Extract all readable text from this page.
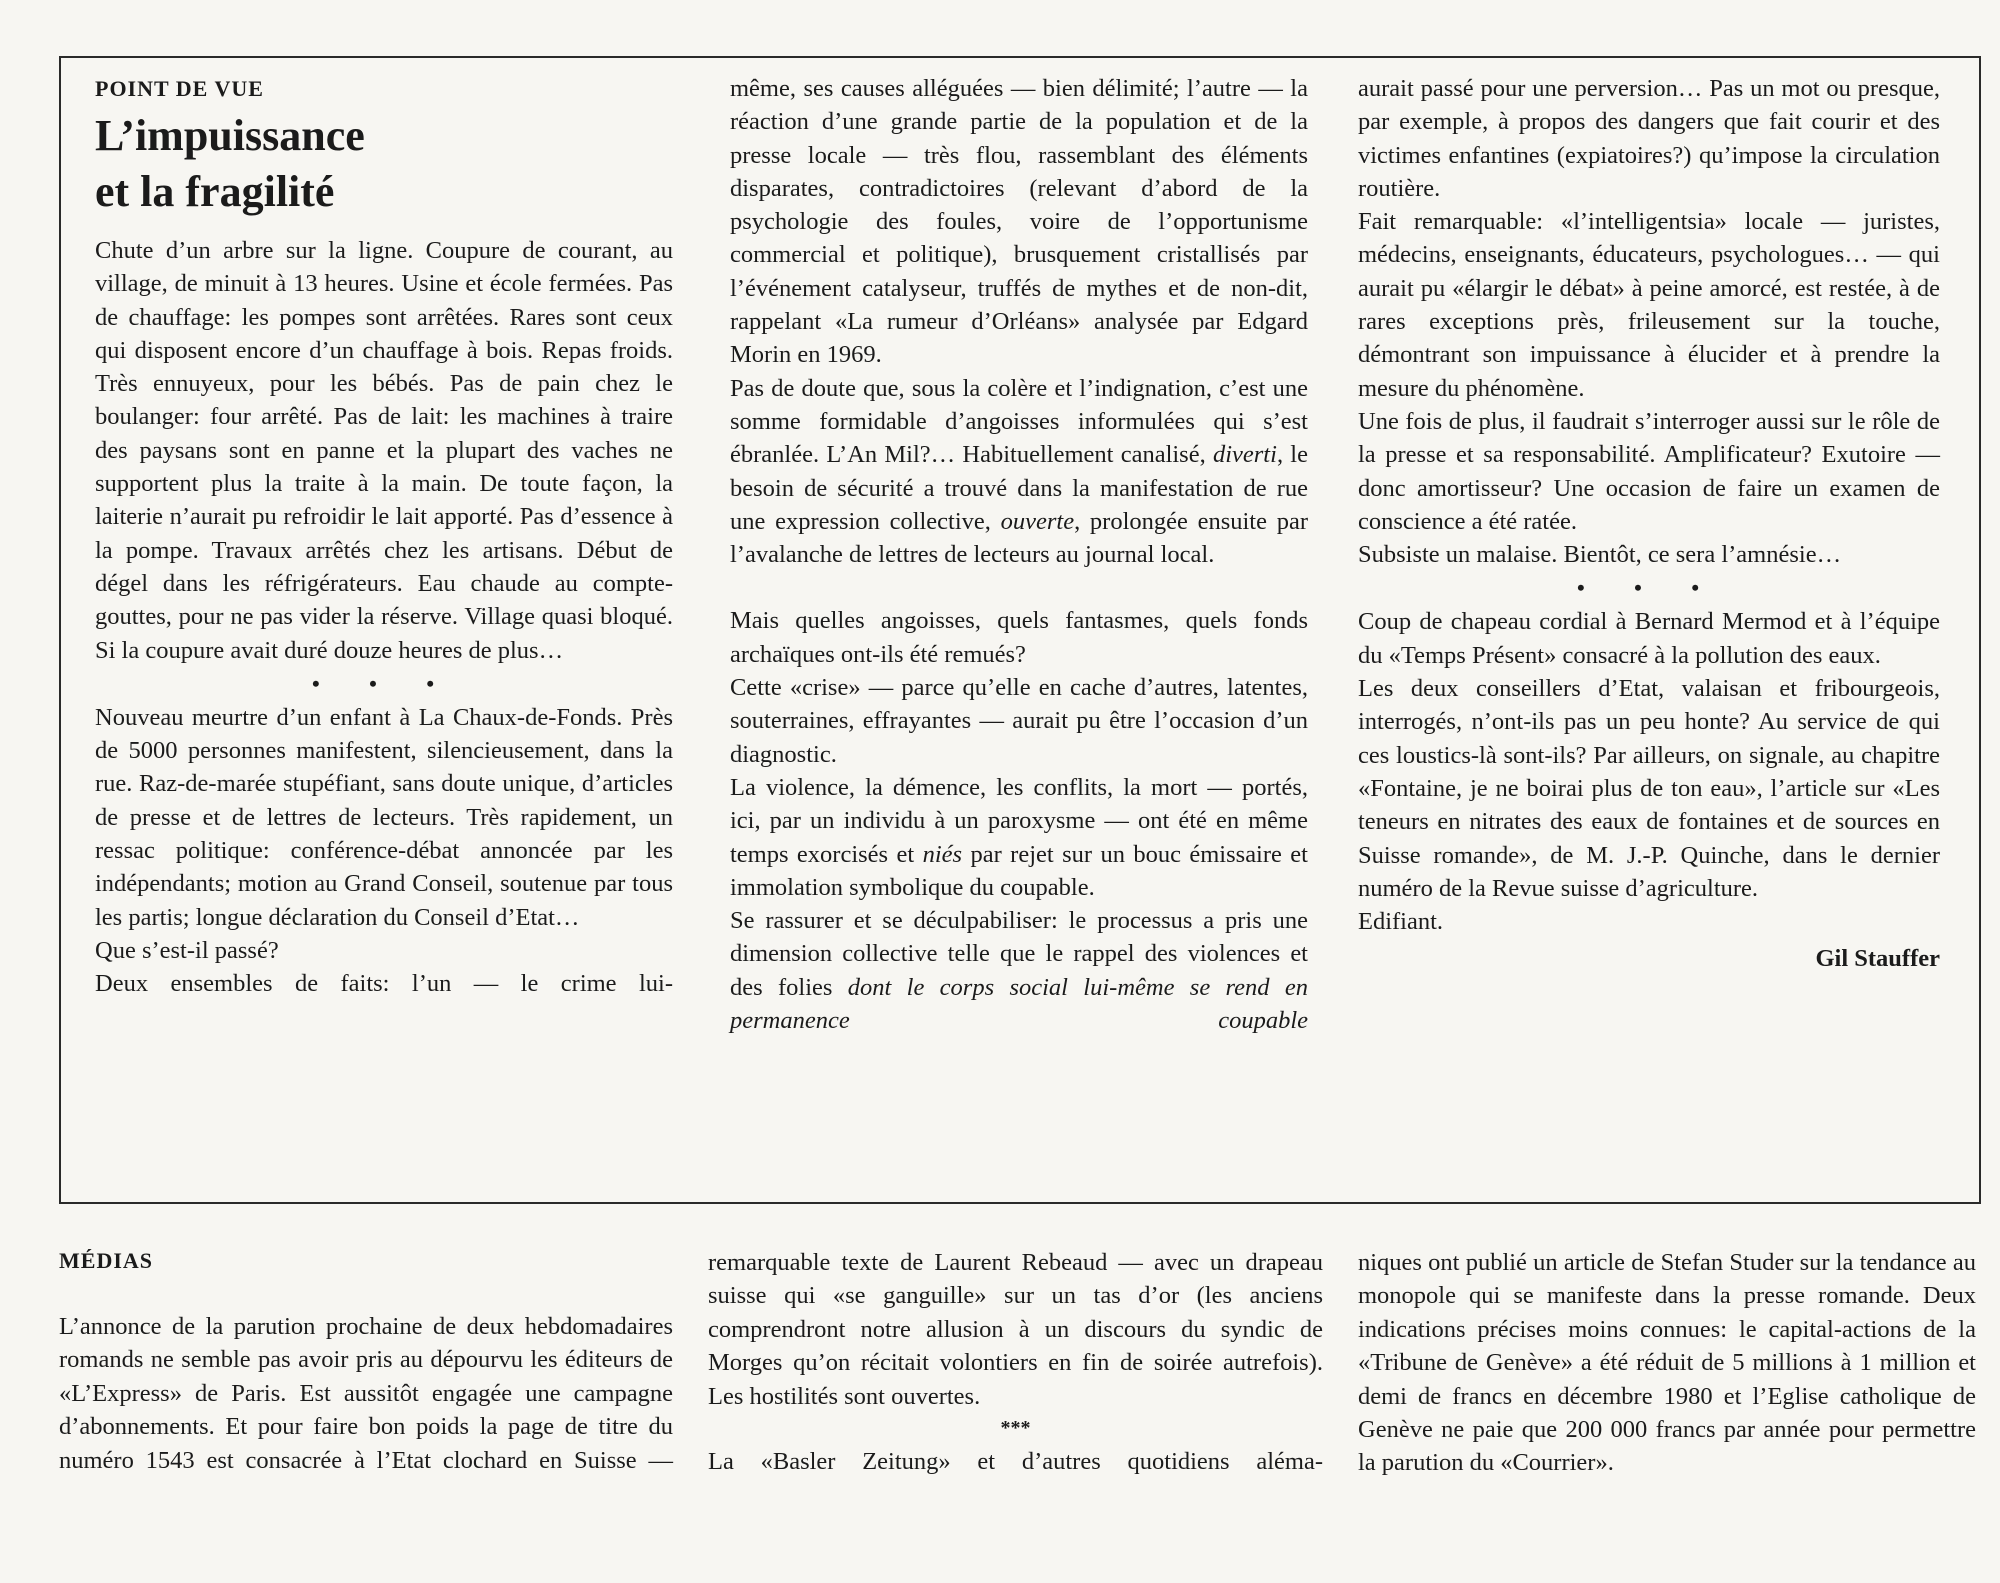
POINT DE VUE
L’impuissance
et la fragilité

Chute d’un arbre sur la ligne. Coupure de courant, au village, de minuit à 13 heures. Usine et école fermées. Pas de chauffage: les pompes sont arrêtées. Rares sont ceux qui disposent encore d’un chauffage à bois. Repas froids. Très ennuyeux, pour les bébés. Pas de pain chez le boulanger: four arrêté. Pas de lait: les machines à traire des paysans sont en panne et la plupart des vaches ne supportent plus la traite à la main. De toute façon, la laiterie n’aurait pu refroidir le lait apporté. Pas d’essence à la pompe. Travaux arrêtés chez les artisans. Début de dégel dans les réfrigérateurs. Eau chaude au compte-gouttes, pour ne pas vider la réserve. Village quasi bloqué. Si la coupure avait duré douze heures de plus…

• • •

Nouveau meurtre d’un enfant à La Chaux-de-Fonds. Près de 5000 personnes manifestent, silencieusement, dans la rue. Raz-de-marée stupéfiant, sans doute unique, d’articles de presse et de lettres de lecteurs. Très rapidement, un ressac politique: conférence-débat annoncée par les indépendants; motion au Grand Conseil, soutenue par tous les partis; longue déclaration du Conseil d’Etat…

Que s’est-il passé?

Deux ensembles de faits: l’un — le crime lui-

même, ses causes alléguées — bien délimité; l’autre — la réaction d’une grande partie de la population et de la presse locale — très flou, rassemblant des éléments disparates, contradictoires (relevant d’abord de la psychologie des foules, voire de l’opportunisme commercial et politique), brusquement cristallisés par l’événement catalyseur, truffés de mythes et de non-dit, rappelant «La rumeur d’Orléans» analysée par Edgard Morin en 1969.

Pas de doute que, sous la colère et l’indignation, c’est une somme formidable d’angoisses informulées qui s’est ébranlée. L’An Mil?… Habituellement canalisé, diverti, le besoin de sécurité a trouvé dans la manifestation de rue une expression collective, ouverte, prolongée ensuite par l’avalanche de lettres de lecteurs au journal local.

Mais quelles angoisses, quels fantasmes, quels fonds archaïques ont-ils été remués?

Cette «crise» — parce qu’elle en cache d’autres, latentes, souterraines, effrayantes — aurait pu être l’occasion d’un diagnostic.

La violence, la démence, les conflits, la mort — portés, ici, par un individu à un paroxysme — ont été en même temps exorcisés et niés par rejet sur un bouc émissaire et immolation symbolique du coupable.

Se rassurer et se déculpabiliser: le processus a pris une dimension collective telle que le rappel des violences et des folies dont le corps social lui-même se rend en permanence coupable

aurait passé pour une perversion… Pas un mot ou presque, par exemple, à propos des dangers que fait courir et des victimes enfantines (expiatoires?) qu’impose la circulation routière.

Fait remarquable: «l’intelligentsia» locale — juristes, médecins, enseignants, éducateurs, psychologues… — qui aurait pu «élargir le débat» à peine amorcé, est restée, à de rares exceptions près, frileusement sur la touche, démontrant son impuissance à élucider et à prendre la mesure du phénomène.

Une fois de plus, il faudrait s’interroger aussi sur le rôle de la presse et sa responsabilité. Amplificateur? Exutoire — donc amortisseur? Une occasion de faire un examen de conscience a été ratée.

Subsiste un malaise. Bientôt, ce sera l’amnésie…

• • •

Coup de chapeau cordial à Bernard Mermod et à l’équipe du «Temps Présent» consacré à la pollution des eaux.

Les deux conseillers d’Etat, valaisan et fribourgeois, interrogés, n’ont-ils pas un peu honte? Au service de qui ces loustics-là sont-ils? Par ailleurs, on signale, au chapitre «Fontaine, je ne boirai plus de ton eau», l’article sur «Les teneurs en nitrates des eaux de fontaines et de sources en Suisse romande», de M. J.-P. Quinche, dans le dernier numéro de la Revue suisse d’agriculture.

Edifiant.

Gil Stauffer
MÉDIAS

L’annonce de la parution prochaine de deux hebdomadaires romands ne semble pas avoir pris au dépourvu les éditeurs de «L’Express» de Paris. Est aussitôt engagée une campagne d’abonnements. Et pour faire bon poids la page de titre du numéro 1543 est consacrée à l’Etat clochard en Suisse —

remarquable texte de Laurent Rebeaud — avec un drapeau suisse qui «se ganguille» sur un tas d’or (les anciens comprendront notre allusion à un discours du syndic de Morges qu’on récitait volontiers en fin de soirée autrefois). Les hostilités sont ouvertes.

***

La «Basler Zeitung» et d’autres quotidiens aléma-

niques ont publié un article de Stefan Studer sur la tendance au monopole qui se manifeste dans la presse romande. Deux indications précises moins connues: le capital-actions de la «Tribune de Genève» a été réduit de 5 millions à 1 million et demi de francs en décembre 1980 et l’Eglise catholique de Genève ne paie que 200 000 francs par année pour permettre la parution du «Courrier».
